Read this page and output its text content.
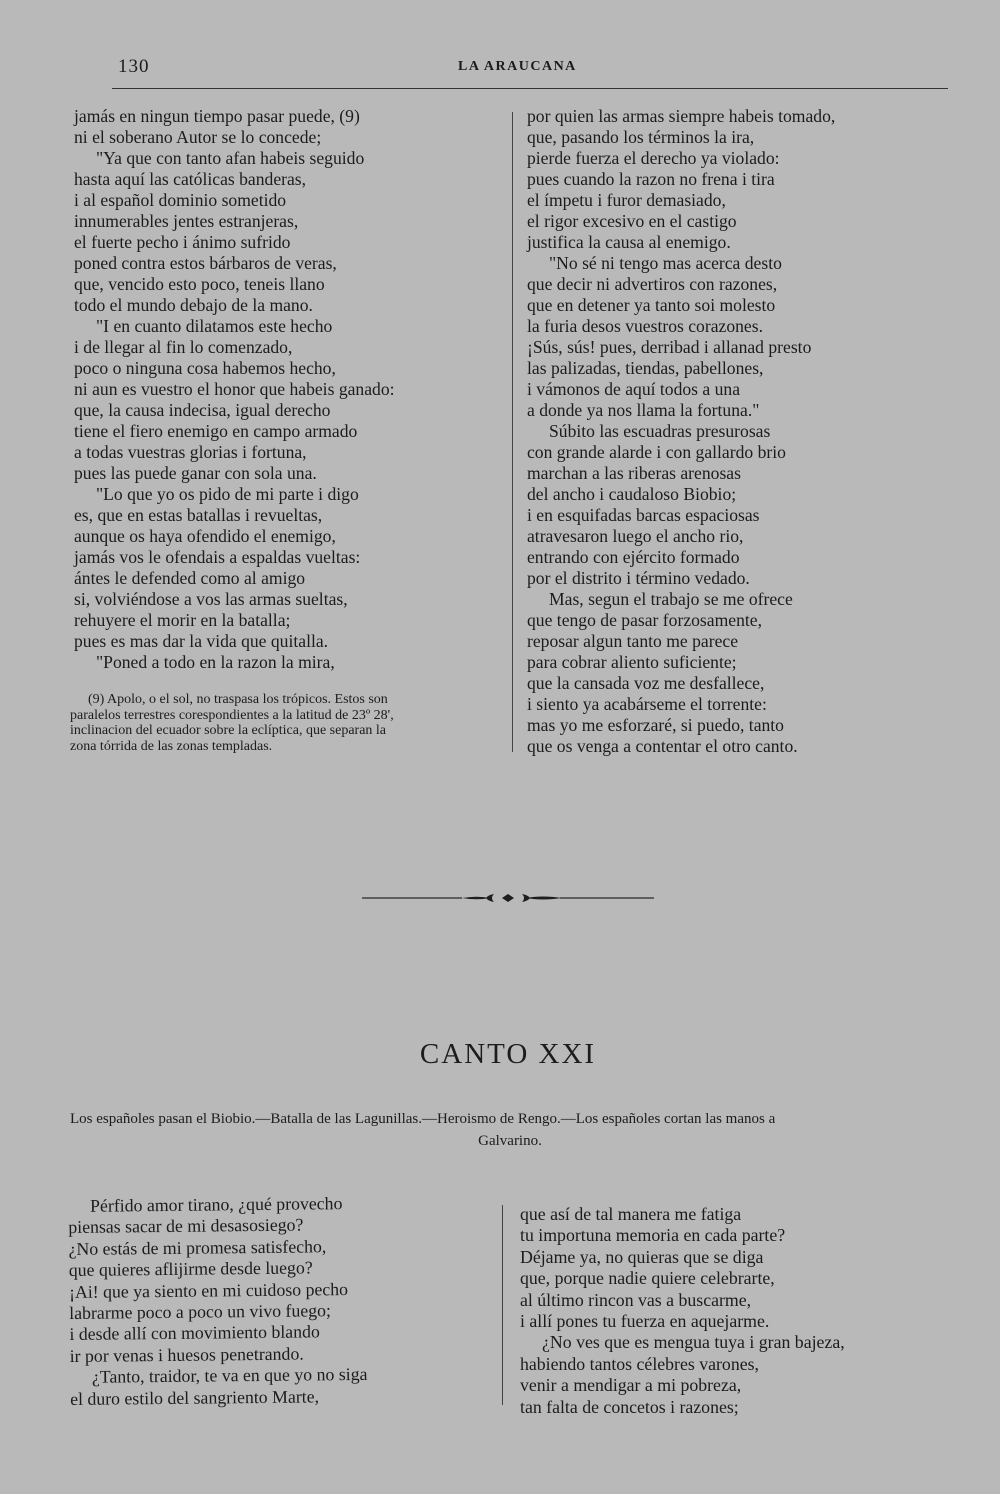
130	LA ARAUCANA
jamás en ningun tiempo pasar puede, (9)
ni el soberano Autor se lo concede;
"Ya que con tanto afan habeis seguido
hasta aquí las católicas banderas,
i al español dominio sometido
innumerables jentes estranjeras,
el fuerte pecho i ánimo sufrido
poned contra estos bárbaros de veras,
que, vencido esto poco, teneis llano
todo el mundo debajo de la mano.
"I en cuanto dilatamos este hecho
i de llegar al fin lo comenzado,
poco o ninguna cosa habemos hecho,
ni aun es vuestro el honor que habeis ganado:
que, la causa indecisa, igual derecho
tiene el fiero enemigo en campo armado
a todas vuestras glorias i fortuna,
pues las puede ganar con sola una.
"Lo que yo os pido de mi parte i digo
es, que en estas batallas i revueltas,
aunque os haya ofendido el enemigo,
jamás vos le ofendais a espaldas vueltas:
ántes le defended como al amigo
si, volviéndose a vos las armas sueltas,
rehuyere el morir en la batalla;
pues es mas dar la vida que quitalla.
"Poned a todo en la razon la mira,
por quien las armas siempre habeis tomado,
que, pasando los términos la ira,
pierde fuerza el derecho ya violado:
pues cuando la razon no frena i tira
el ímpetu i furor demasiado,
el rigor excesivo en el castigo
justifica la causa al enemigo.
"No sé ni tengo mas acerca desto
que decir ni advertiros con razones,
que en detener ya tanto soi molesto
la furia desos vuestros corazones.
¡Sús, sús! pues, derribad i allanad presto
las palizadas, tiendas, pabellones,
i vámonos de aquí todos a una
a donde ya nos llama la fortuna."
Súbito las escuadras presurosas
con grande alarde i con gallardo brio
marchan a las riberas arenosas
del ancho i caudaloso Biobio;
i en esquifadas barcas espaciosas
atravesaron luego el ancho rio,
entrando con ejército formado
por el distrito i término vedado.
Mas, segun el trabajo se me ofrece
que tengo de pasar forzosamente,
reposar algun tanto me parece
para cobrar aliento suficiente;
que la cansada voz me desfallece,
i siento ya acabárseme el torrente:
mas yo me esforzaré, si puedo, tanto
que os venga a contentar el otro canto.
(9) Apolo, o el sol, no traspasa los trópicos. Estos son
paralelos terrestres corespondientes a la latitud de 23º 28',
inclinacion del ecuador sobre la eclíptica, que separan la
zona tórrida de las zonas templadas.
CANTO XXI
Los españoles pasan el Biobio.—Batalla de las Lagunillas.—Heroismo de Rengo.—Los españoles cortan las manos a
Galvarino.
Pérfido amor tirano, ¿qué provecho
piensas sacar de mi desasosiego?
¿No estás de mi promesa satisfecho,
que quieres aflijirme desde luego?
¡Ai! que ya siento en mi cuidoso pecho
labrarme poco a poco un vivo fuego;
i desde allí con movimiento blando
ir por venas i huesos penetrando.
¿Tanto, traidor, te va en que yo no siga
el duro estilo del sangriento Marte,
que así de tal manera me fatiga
tu importuna memoria en cada parte?
Déjame ya, no quieras que se diga
que, porque nadie quiere celebrarte,
al último rincon vas a buscarme,
i allí pones tu fuerza en aquejarme.
¿No ves que es mengua tuya i gran bajeza,
habiendo tantos célebres varones,
venir a mendigar a mi pobreza,
tan falta de concetos i razones;
